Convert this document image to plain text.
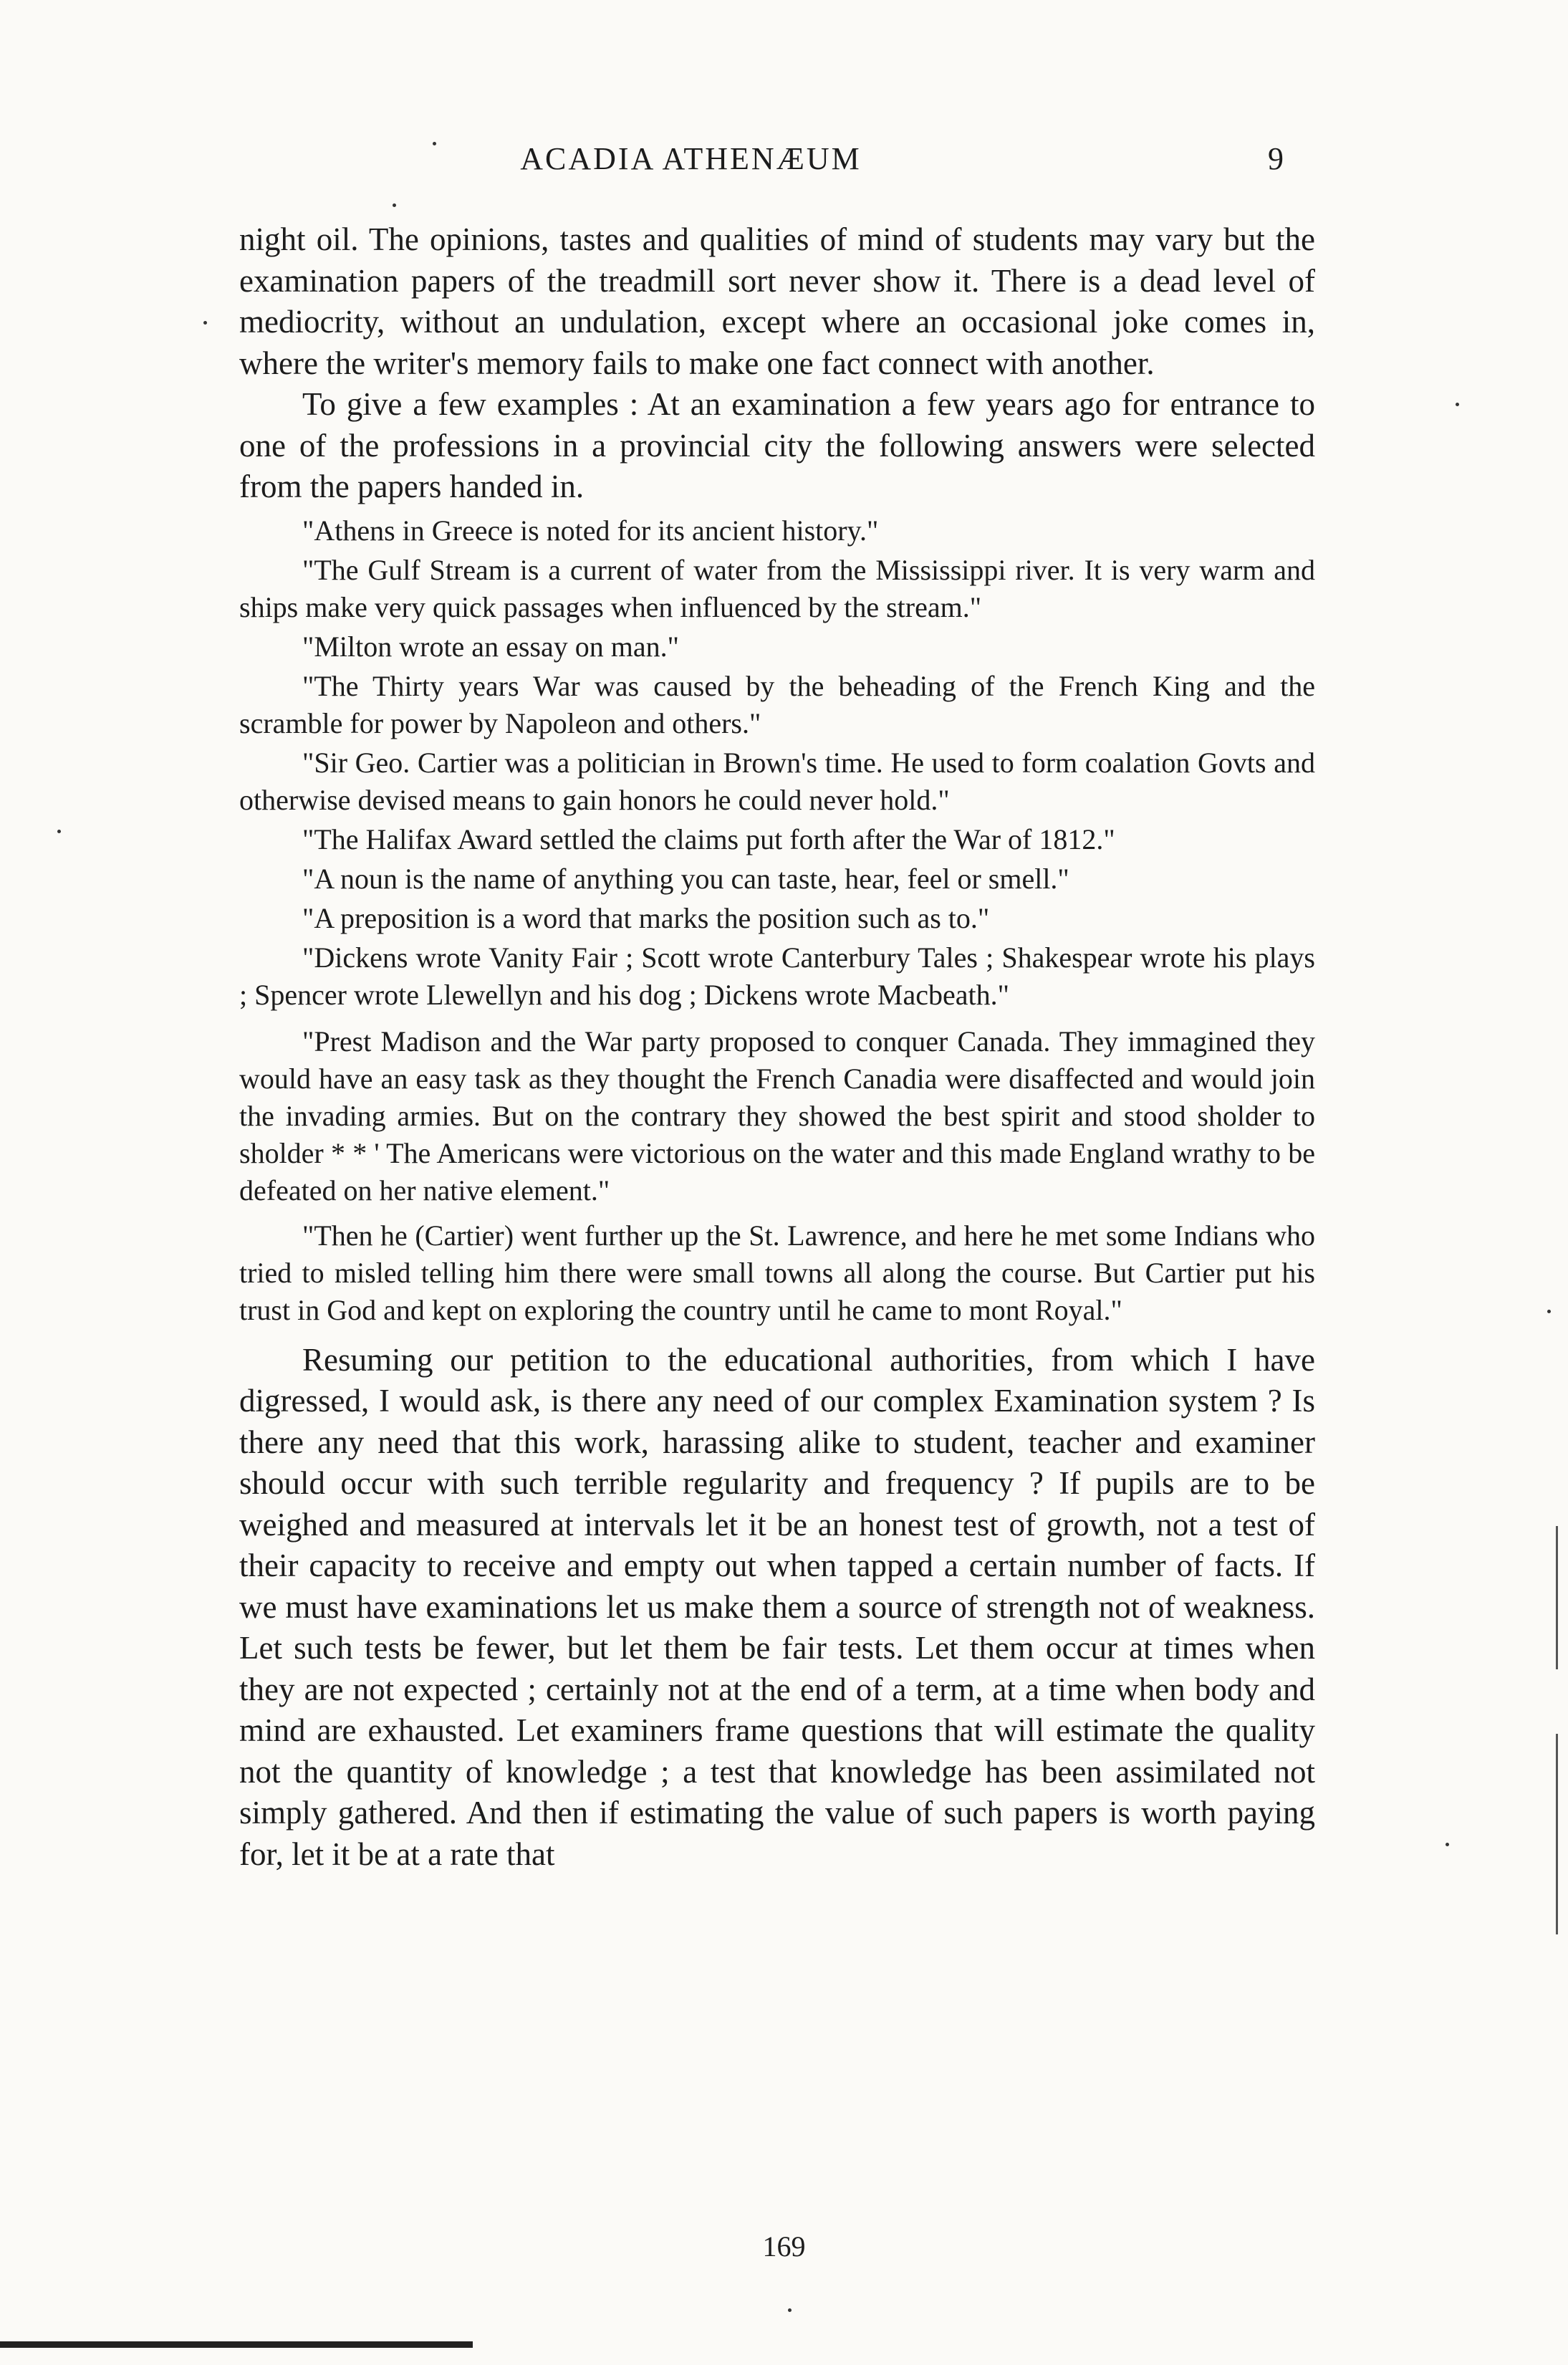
ACADIA ATHENÆUM	9

night oil. The opinions, tastes and qualities of mind of students may vary but the examination papers of the treadmill sort never show it. There is a dead level of mediocrity, without an undulation, except where an occasional joke comes in, where the writer's memory fails to make one fact connect with another.

To give a few examples : At an examination a few years ago for entrance to one of the professions in a provincial city the following answers were selected from the papers handed in.

"Athens in Greece is noted for its ancient history."

"The Gulf Stream is a current of water from the Mississippi river. It is very warm and ships make very quick passages when influenced by the stream."

"Milton wrote an essay on man."

"The Thirty years War was caused by the beheading of the French King and the scramble for power by Napoleon and others."

"Sir Geo. Cartier was a politician in Brown's time. He used to form coalation Govts and otherwise devised means to gain honors he could never hold."

"The Halifax Award settled the claims put forth after the War of 1812."

"A noun is the name of anything you can taste, hear, feel or smell."

"A preposition is a word that marks the position such as to."

"Dickens wrote Vanity Fair ; Scott wrote Canterbury Tales ; Shakespear wrote his plays ; Spencer wrote Llewellyn and his dog ; Dickens wrote Macbeath."

"Prest Madison and the War party proposed to conquer Canada. They immagined they would have an easy task as they thought the French Canadia were disaffected and would join the invading armies. But on the contrary they showed the best spirit and stood sholder to sholder * * ' The Americans were victorious on the water and this made England wrathy to be defeated on her native element."

"Then he (Cartier) went further up the St. Lawrence, and here he met some Indians who tried to misled telling him there were small towns all along the course. But Cartier put his trust in God and kept on exploring the country until he came to mont Royal."

Resuming our petition to the educational authorities, from which I have digressed, I would ask, is there any need of our complex Examination system ? Is there any need that this work, harassing alike to student, teacher and examiner should occur with such terrible regularity and frequency ? If pupils are to be weighed and measured at intervals let it be an honest test of growth, not a test of their capacity to receive and empty out when tapped a certain number of facts. If we must have examinations let us make them a source of strength not of weakness. Let such tests be fewer, but let them be fair tests. Let them occur at times when they are not expected ; certainly not at the end of a term, at a time when body and mind are exhausted. Let examiners frame questions that will estimate the quality not the quantity of knowledge ; a test that knowledge has been assimilated not simply gathered. And then if estimating the value of such papers is worth paying for, let it be at a rate that

169
